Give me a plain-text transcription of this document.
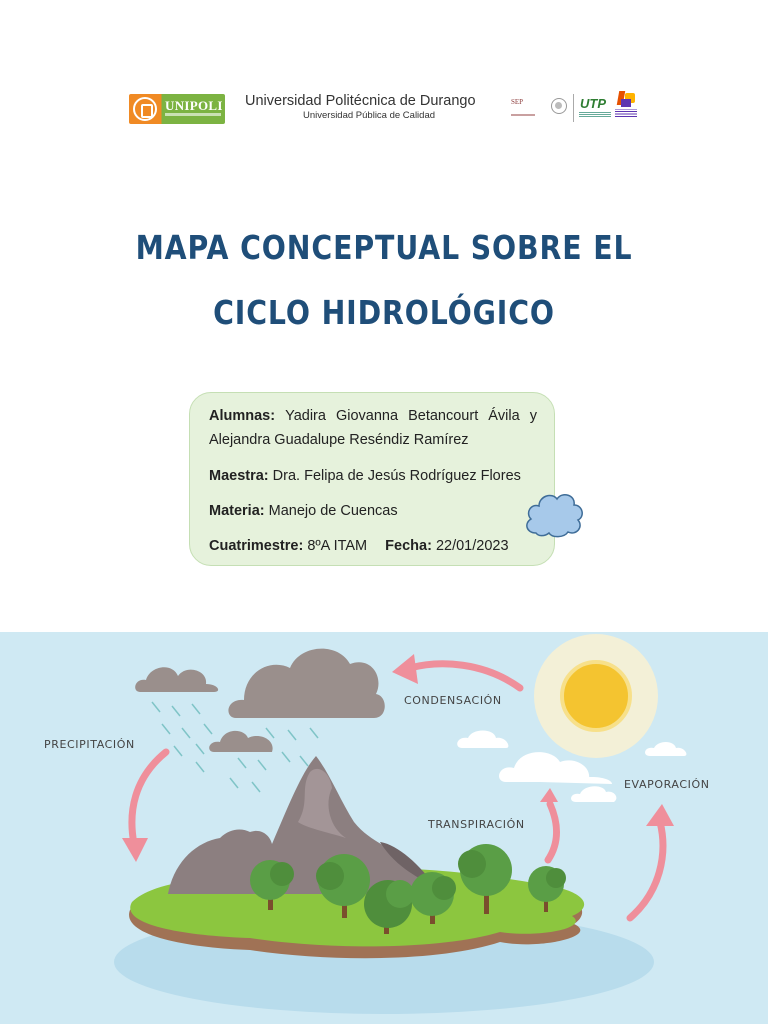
UNIPOLI Universidad Politécnica de Durango
Universidad Pública de Calidad
SEP	UTP
MAPA CONCEPTUAL SOBRE EL
CICLO HIDROLÓGICO
Alumnas: Yadira Giovanna Betancourt Ávila y
Alejandra Guadalupe Reséndiz Ramírez
Maestra: Dra. Felipa de Jesús Rodríguez Flores
Materia: Manejo de Cuencas
Cuatrimestre: 8ºA ITAM Fecha: 22/01/2023
CONDENSACIÓN
PRECIPITACIÓN
EVAPORACIÓN
TRANSPIRACIÓN
